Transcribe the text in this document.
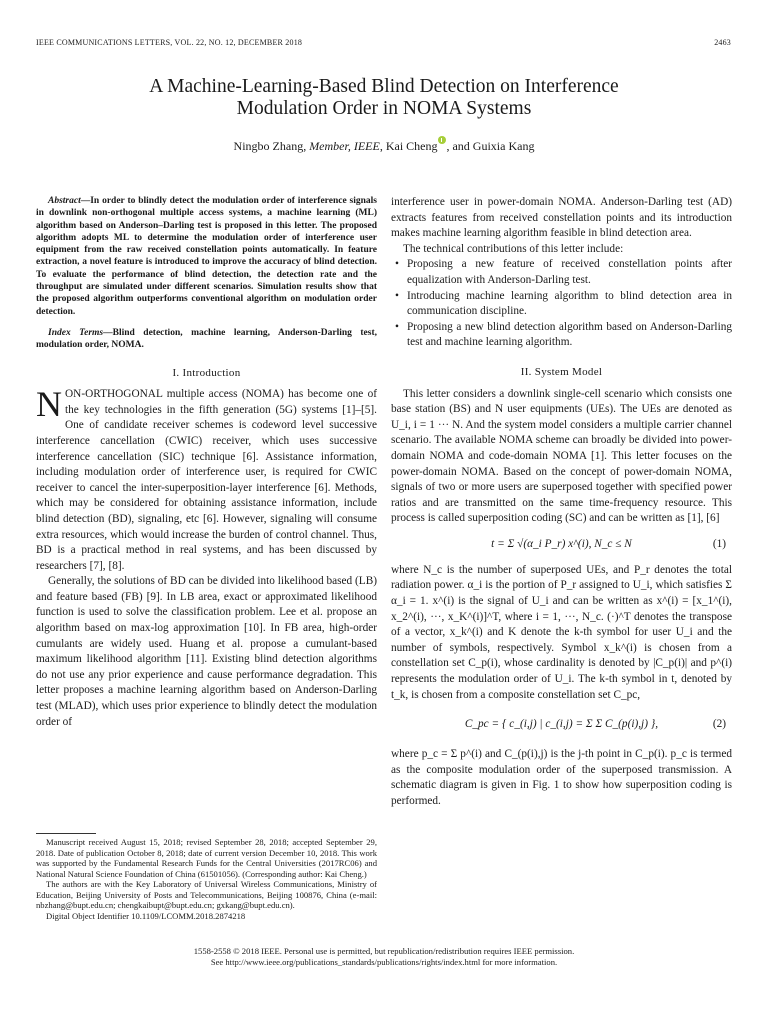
IEEE COMMUNICATIONS LETTERS, VOL. 22, NO. 12, DECEMBER 2018	2463
A Machine-Learning-Based Blind Detection on Interference
Modulation Order in NOMA Systems
Ningbo Zhang, Member, IEEE, Kai Cheng , and Guixia Kang

Abstract—In order to blindly detect the modulation order of interference signals in downlink non-orthogonal multiple access systems, a machine learning (ML) algorithm based on Anderson–Darling test is proposed in this letter. The proposed algorithm adopts ML to determine the modulation order of interference user equipment from the raw received constellation points automatically. In feature extraction, a novel feature is introduced to improve the accuracy of blind detection. To evaluate the performance of blind detection, the detection rate and the throughput are simulated under different scenarios. Simulation results show that the proposed algorithm outperforms conventional algorithm on modulation order detection.

Index Terms—Blind detection, machine learning, Anderson-Darling test, modulation order, NOMA.

I. Introduction

NON-ORTHOGONAL multiple access (NOMA) has become one of the key technologies in the fifth generation (5G) systems [1]–[5]. One of candidate receiver schemes is codeword level successive interference cancellation (CWIC) receiver, which uses successive interference cancellation (SIC) technique [6]. Assistance information, including modulation order of interference user, is required for CWIC receiver to cancel the inter-superposition-layer interference [6]. Methods, which may be considered for obtaining assistance information, include blind detection (BD), signaling, etc [6]. However, signaling will consume extra resources, which would increase the burden of control channel. Thus, BD is a practical method in real systems, and has been discussed by researchers [7], [8].

Generally, the solutions of BD can be divided into likelihood based (LB) and feature based (FB) [9]. In LB area, exact or approximated likelihood function is used to solve the classification problem. Lee et al. propose an algorithm based on max-log approximation [10]. In FB area, high-order cumulants are widely used. Huang et al. propose a cumulant-based maximum likelihood algorithm [11]. Existing blind detection algorithms do not use any prior experience and cause performance degradation. This letter proposes a machine learning algorithm based on Anderson-Darling test (MLAD), which uses prior experience to blindly detect the modulation order of

Manuscript received August 15, 2018; revised September 28, 2018; accepted September 29, 2018. Date of publication October 8, 2018; date of current version December 10, 2018. This work was supported by the Fundamental Research Funds for the Central Universities (2017RC06) and National Natural Science Foundation of China (61501056). (Corresponding author: Kai Cheng.)

The authors are with the Key Laboratory of Universal Wireless Communications, Ministry of Education, Beijing University of Posts and Telecommunications, Beijing 100876, China (e-mail: nbzhang@bupt.edu.cn; chengkaibupt@bupt.edu.cn; gxkang@bupt.edu.cn).

Digital Object Identifier 10.1109/LCOMM.2018.2874218

interference user in power-domain NOMA. Anderson-Darling test (AD) extracts features from received constellation points and its introduction makes machine learning algorithm feasible in blind detection area.

The technical contributions of this letter include:

• Proposing a new feature of received constellation points after equalization with Anderson-Darling test.
• Introducing machine learning algorithm to blind detection area in communication discipline.
• Proposing a new blind detection algorithm based on Anderson-Darling test and machine learning algorithm.
II. System Model

This letter considers a downlink single-cell scenario which consists one base station (BS) and N user equipments (UEs). The UEs are denoted as U_i, i = 1 ··· N. And the system model considers a multiple carrier channel scenario. The available NOMA scheme can broadly be divided into power-domain NOMA and code-domain NOMA [1]. This letter focuses on the power-domain NOMA. Based on the concept of power-domain NOMA, signals of two or more users are superposed together with specified power ratios and are transmitted on the same time-frequency resource. This process is called superposition coding (SC) and can be written as [1], [6]

t = Σ √(α_i P_r) x^(i), N_c ≤ N	(1)

where N_c is the number of superposed UEs, and P_r denotes the total radiation power. α_i is the portion of P_r assigned to U_i, which satisfies Σ α_i = 1. x^(i) is the signal of U_i and can be written as x^(i) = [x_1^(i), x_2^(i), ···, x_K^(i)]^T, where i = 1, ···, N_c. (·)^T denotes the transpose of a vector, x_k^(i) and K denote the k-th symbol for user U_i and the number of symbols, respectively. Symbol x_k^(i) is chosen from a constellation set C_p(i), whose cardinality is denoted by |C_p(i)| and p^(i) represents the modulation order of U_i. The k-th symbol in t, denoted by t_k, is chosen from a composite constellation set C_pc,

C_pc = { c_(i,j) | c_(i,j) = Σ Σ C_(p(i),j) },	(2)

where p_c = Σ p^(i) and C_(p(i),j) is the j-th point in C_p(i). p_c is termed as the composite modulation order of the superposed transmission. A schematic diagram is given in Fig. 1 to show how superposition coding is performed.

1558-2558 © 2018 IEEE. Personal use is permitted, but republication/redistribution requires IEEE permission.
See http://www.ieee.org/publications_standards/publications/rights/index.html for more information.
